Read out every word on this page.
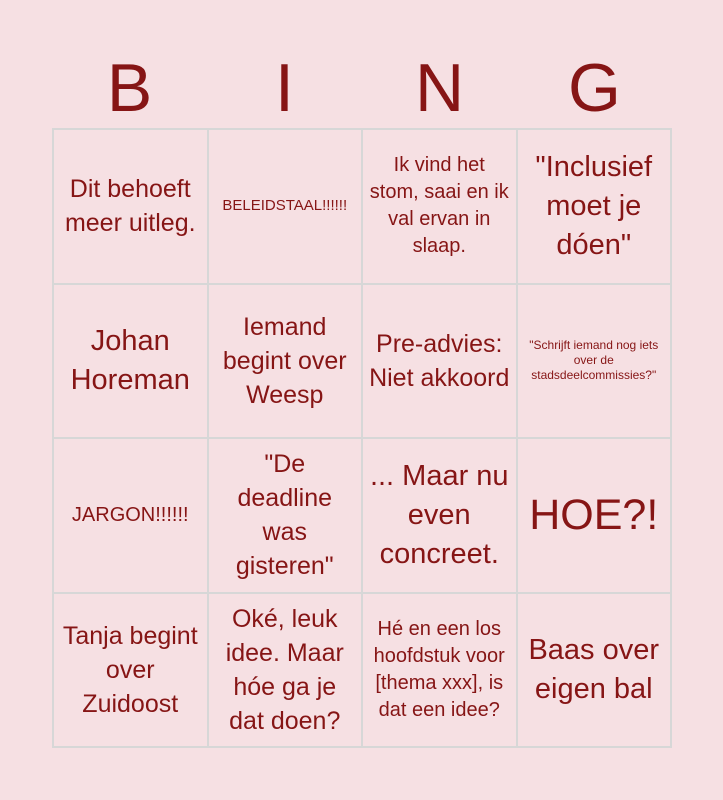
B	I	N	G
Dit behoeft meer uitleg.
BELEIDSTAAL!!!!!!
Ik vind het stom, saai en ik val ervan in slaap.
"Inclusief moet je dóen"
Johan Horeman
Iemand begint over Weesp
Pre-advies: Niet akkoord
"Schrijft iemand nog iets over de stadsdeelcommissies?"
JARGON!!!!!!
"De deadline was gisteren"
... Maar nu even concreet.
HOE?!
Tanja begint over Zuidoost
Oké, leuk idee. Maar hóe ga je dat doen?
Hé en een los hoofdstuk voor [thema xxx], is dat een idee?
Baas over eigen bal
